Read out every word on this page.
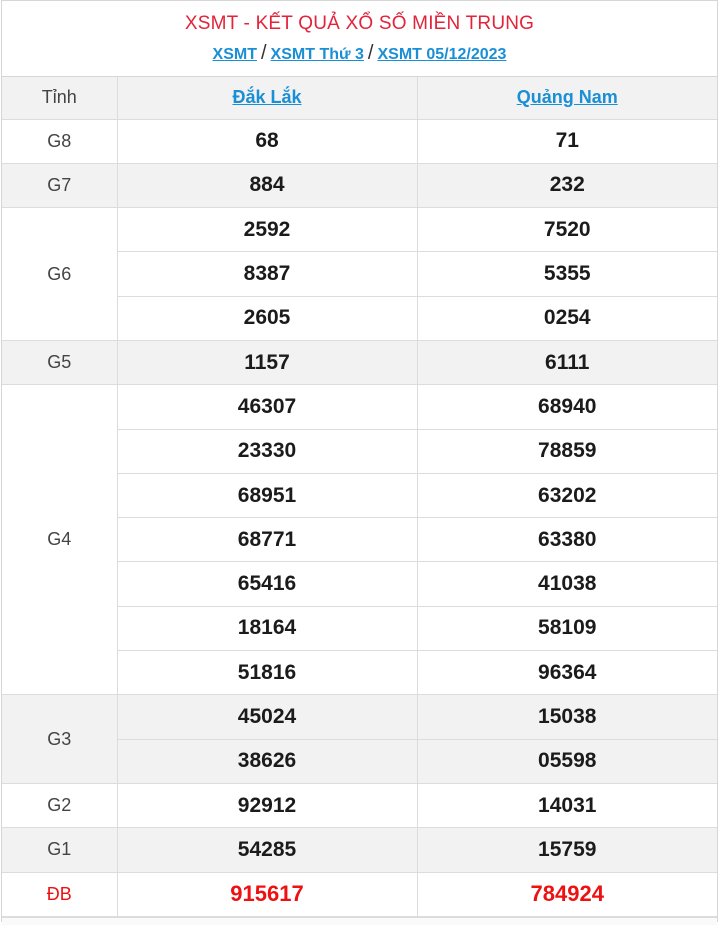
XSMT - KẾT QUẢ XỔ SỐ MIỀN TRUNG
XSMT / XSMT Thứ 3 / XSMT 05/12/2023
Tỉnh	Đắk Lắk	Quảng Nam
G8	68	71
G7	884	232
G6	2592	7520
	8387	5355
	2605	0254
G5	1157	6111
G4	46307	68940
	23330	78859
	68951	63202
	68771	63380
	65416	41038
	18164	58109
	51816	96364
G3	45024	15038
	38626	05598
G2	92912	14031
G1	54285	15759
ĐB	915617	784924
